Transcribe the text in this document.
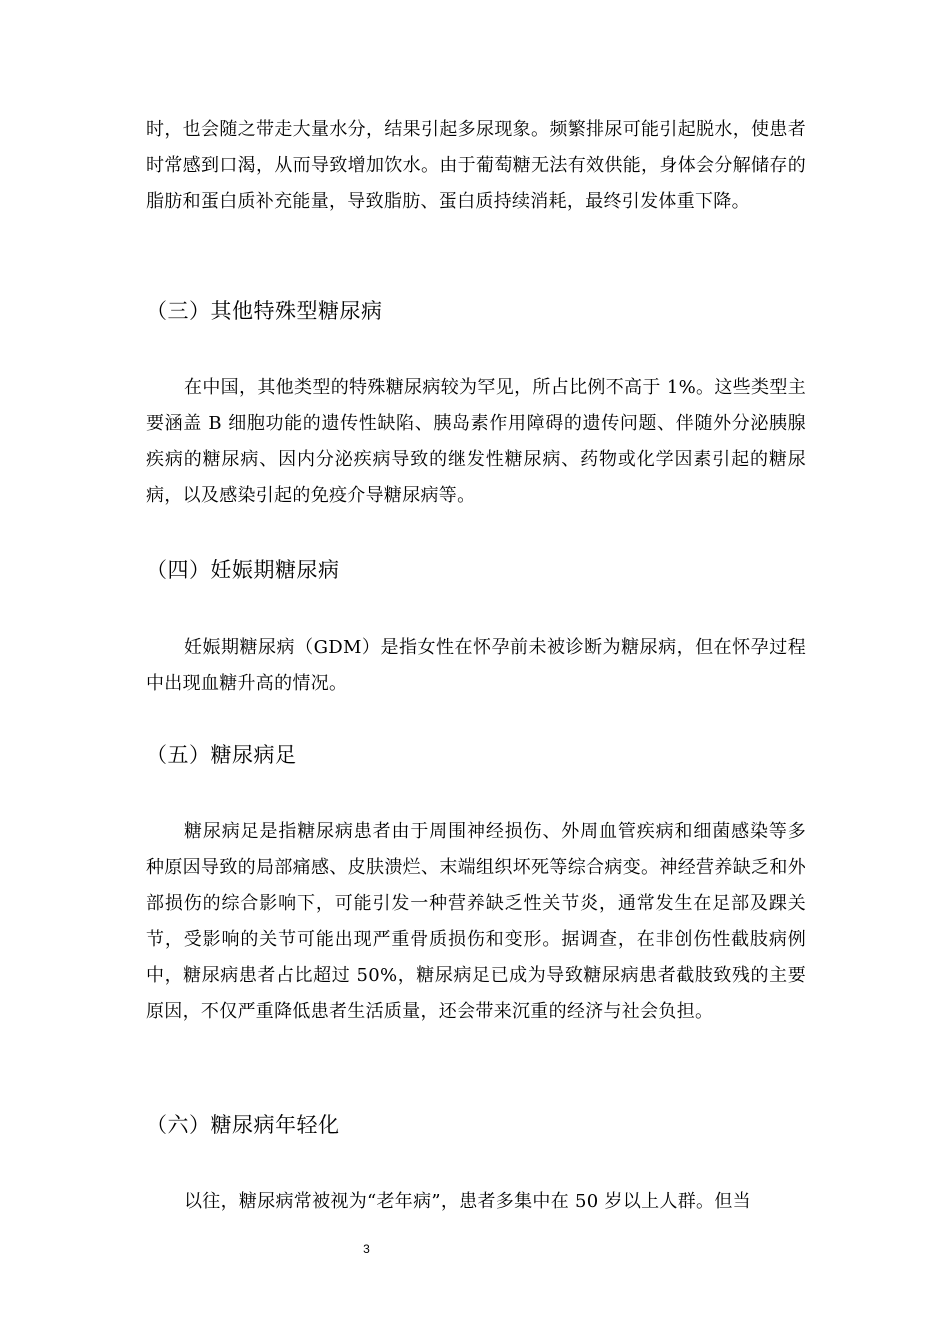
时，也会随之带走大量水分，结果引起多尿现象。频繁排尿可能引起脱水，使患者时常感到口渴，从而导致增加饮水。由于葡萄糖无法有效供能，身体会分解储存的脂肪和蛋白质补充能量，导致脂肪、蛋白质持续消耗，最终引发体重下降。

（三）其他特殊型糖尿病

在中国，其他类型的特殊糖尿病较为罕见，所占比例不高于 1%。这些类型主要涵盖 B 细胞功能的遗传性缺陷、胰岛素作用障碍的遗传问题、伴随外分泌胰腺疾病的糖尿病、因内分泌疾病导致的继发性糖尿病、药物或化学因素引起的糖尿病，以及感染引起的免疫介导糖尿病等。

（四）妊娠期糖尿病

妊娠期糖尿病（GDM）是指女性在怀孕前未被诊断为糖尿病，但在怀孕过程中出现血糖升高的情况。

（五）糖尿病足

糖尿病足是指糖尿病患者由于周围神经损伤、外周血管疾病和细菌感染等多种原因导致的局部痛感、皮肤溃烂、末端组织坏死等综合病变。神经营养缺乏和外部损伤的综合影响下，可能引发一种营养缺乏性关节炎，通常发生在足部及踝关节，受影响的关节可能出现严重骨质损伤和变形。据调查，在非创伤性截肢病例中，糖尿病患者占比超过 50%，糖尿病足已成为导致糖尿病患者截肢致残的主要原因，不仅严重降低患者生活质量，还会带来沉重的经济与社会负担。

（六）糖尿病年轻化

以往，糖尿病常被视为“老年病”，患者多集中在 50 岁以上人群。但当

3
